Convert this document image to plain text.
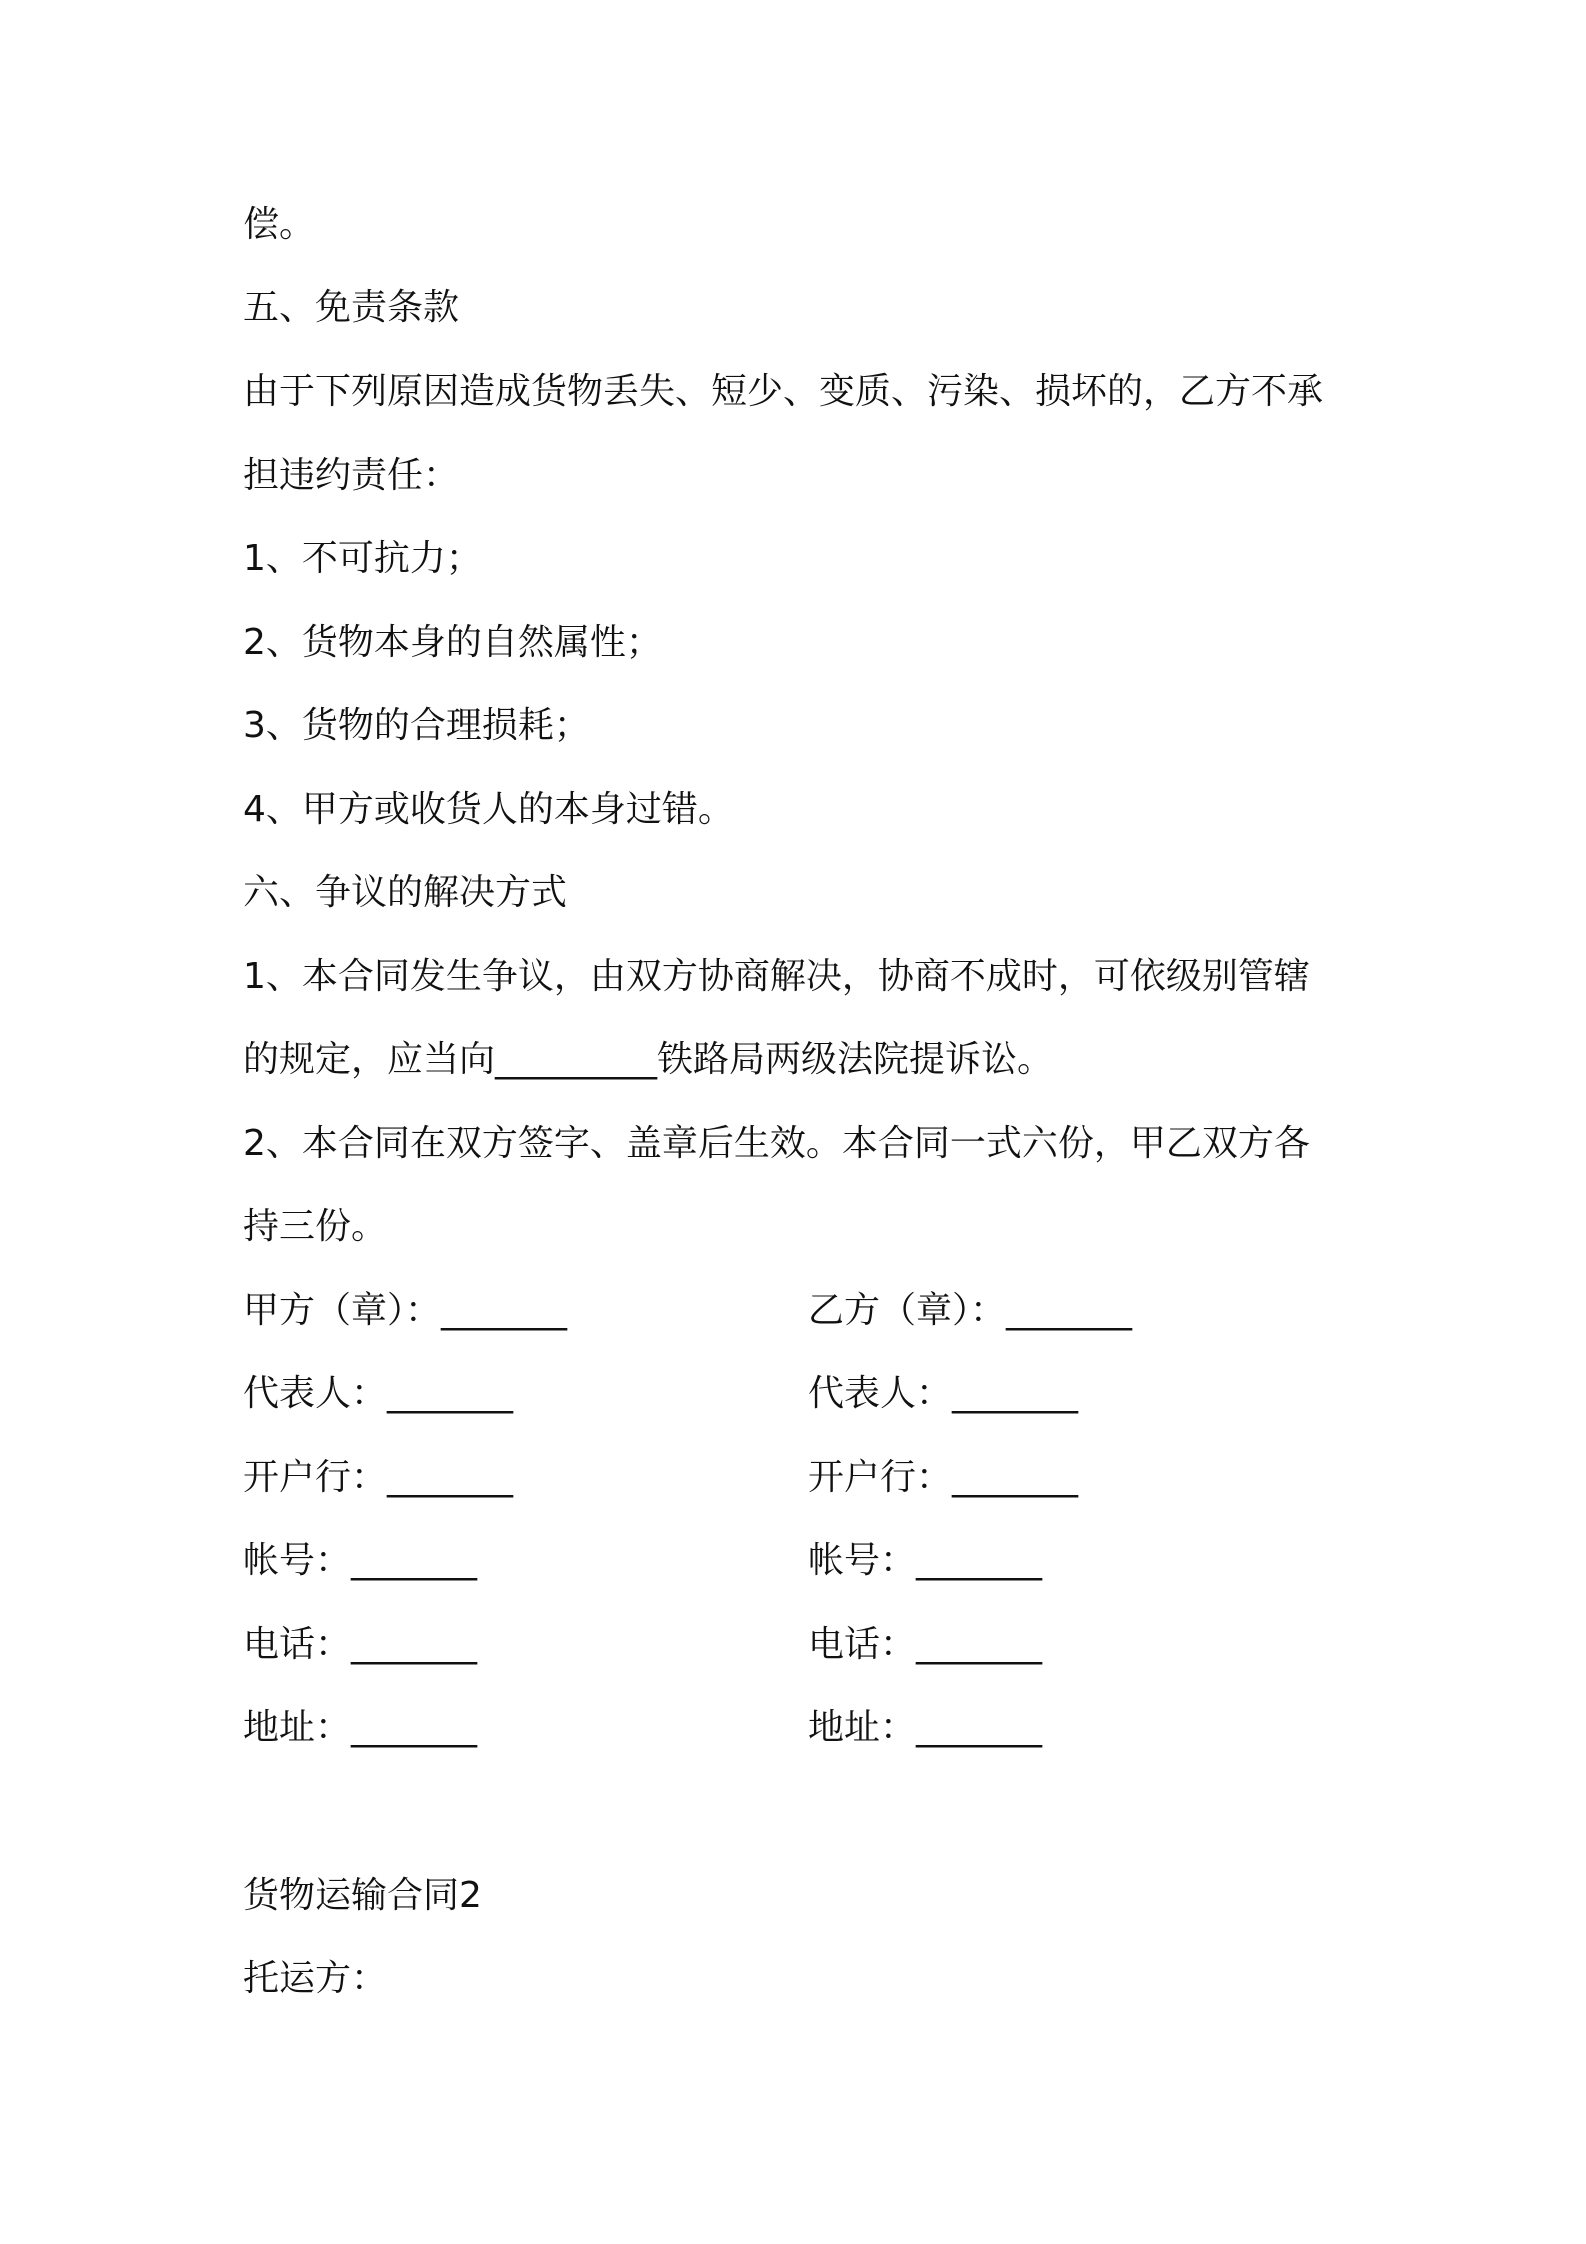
偿。
五、免责条款
由于下列原因造成货物丢失、短少、变质、污染、损坏的，乙方不承
担违约责任：
1、不可抗力；
2、货物本身的自然属性；
3、货物的合理损耗；
4、甲方或收货人的本身过错。
六、争议的解决方式
1、本合同发生争议，由双方协商解决，协商不成时，可依级别管辖
的规定，应当向_________铁路局两级法院提诉讼。
2、本合同在双方签字、盖章后生效。本合同一式六份，甲乙双方各
持三份。
甲方（章）：_______
代表人：_______
开户行：_______
帐号：_______
电话：_______
地址：_______
乙方（章）：_______
代表人：_______
开户行：_______
帐号：_______
电话：_______
地址：_______
货物运输合同2
托运方：
